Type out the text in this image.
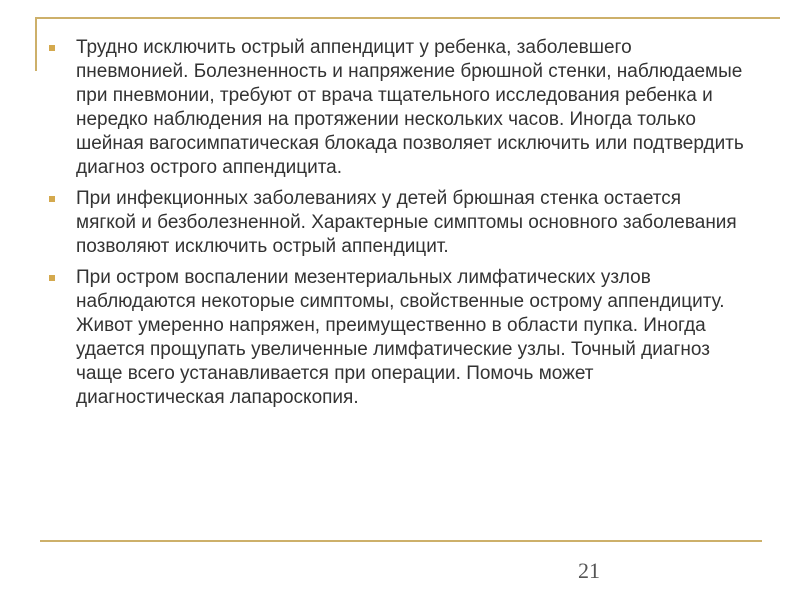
Трудно исключить острый аппендицит у ребенка, заболевшего пневмонией. Болезненность и напряжение брюшной стенки, наблюдаемые при пневмонии, требуют от врача тщательного исследования ребенка и нередко наблюдения на протяжении нескольких часов. Иногда только шейная вагосимпатическая блокада позволяет исключить или подтвердить диагноз острого аппендицита.
При инфекционных заболеваниях у детей брюшная стенка остается мягкой и безболезненной. Характерные симптомы основного заболевания позволяют исключить острый аппендицит.
При остром воспалении мезентериальных лимфатических узлов наблюдаются некоторые симптомы, свойственные острому аппендициту. Живот умеренно напряжен, преимущественно в области пупка. Иногда удается прощупать увеличенные лимфатические узлы. Точный диагноз чаще всего устанавливается при операции. Помочь может диагностическая лапароскопия.
21
